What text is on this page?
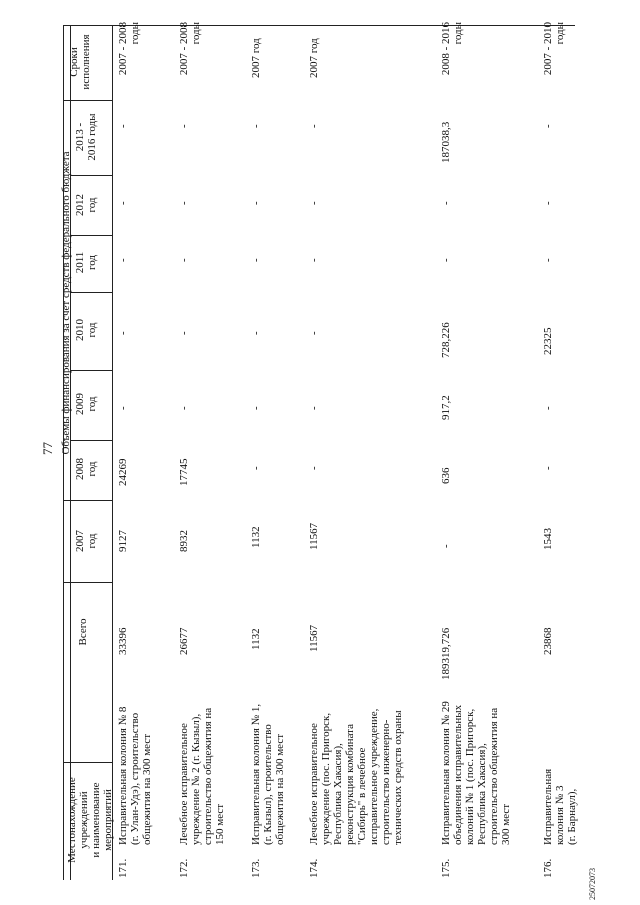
77
25072073
Местонахождение учреждений
и наименование мероприятий
Всего
Объемы финансирования за счет средств федерального бюджета
2007
год
2008
год
2009
год
2010
год
2011
год
2012
год
2013 -
2016 годы
Сроки
исполнения
171.
Исправительная колония № 8
(г. Улан-Удэ), строительство
общежития на 300 мест
33396
9127
24269
-
-
-
-
-
2007 - 2008
годы
172.
Лечебное исправительное
учреждение № 2 (г. Кызыл),
строительство общежития на
150 мест
26677
8932
17745
-
-
-
-
-
2007 - 2008
годы
173.
Исправительная колония № 1,
(г. Кызыл), строительство
общежития на 300 мест
1132
1132
-
-
-
-
-
-
2007 год
174.
Лечебное исправительное
учреждение (пос. Пригорск,
Республика Хакасия),
реконструкция комбината
"Сибирь" в лечебное
исправительное учреждение,
строительство инженерно-
технических средств охраны
11567
11567
-
-
-
-
-
-
2007 год
175.
Исправительная колония № 29
объединения исправительных
колоний № 1 (пос. Пригорск,
Республика Хакасия),
строительство общежития на
300 мест
189319,726
-
636
917,2
728,226
-
-
187038,3
2008 - 2016
годы
176.
Исправительная колония № 3
(г. Барнаул),
23868
1543
-
-
22325
-
-
-
2007 - 2010
годы
